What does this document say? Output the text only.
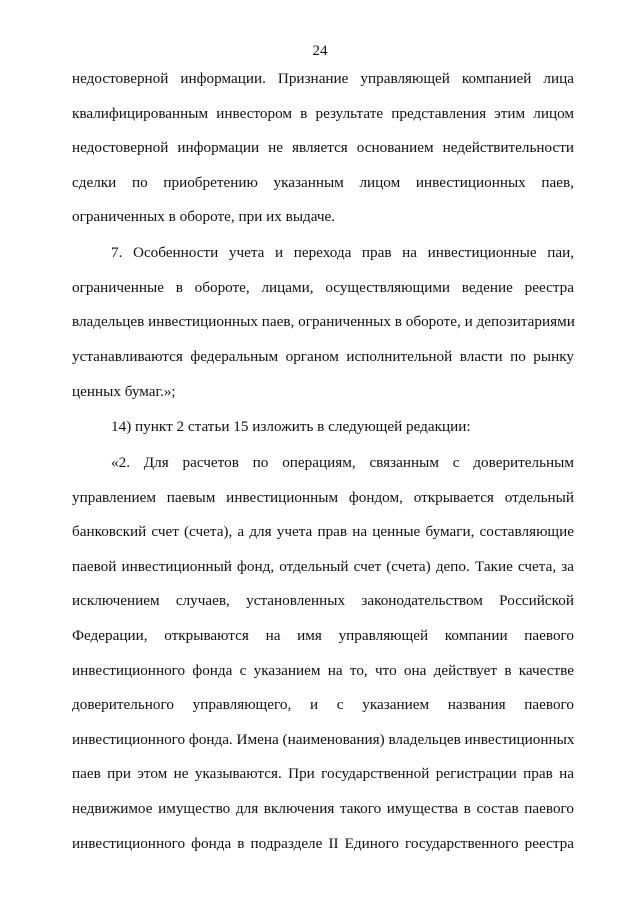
24

недостоверной информации. Признание управляющей компанией лица
квалифицированным инвестором в результате представления этим лицом
недостоверной информации не является основанием недействительности
сделки по приобретению указанным лицом инвестиционных паев,
ограниченных в обороте, при их выдаче.

7. Особенности учета и перехода прав на инвестиционные паи,
ограниченные в обороте, лицами, осуществляющими ведение реестра
владельцев инвестиционных паев, ограниченных в обороте, и депозитариями
устанавливаются федеральным органом исполнительной власти по рынку
ценных бумаг.»;

14) пункт 2 статьи 15 изложить в следующей редакции:

«2. Для расчетов по операциям, связанным с доверительным
управлением паевым инвестиционным фондом, открывается отдельный
банковский счет (счета), а для учета прав на ценные бумаги, составляющие
паевой инвестиционный фонд, отдельный счет (счета) депо. Такие счета, за
исключением случаев, установленных законодательством Российской
Федерации, открываются на имя управляющей компании паевого
инвестиционного фонда с указанием на то, что она действует в качестве
доверительного управляющего, и с указанием названия паевого
инвестиционного фонда. Имена (наименования) владельцев инвестиционных
паев при этом не указываются. При государственной регистрации прав на
недвижимое имущество для включения такого имущества в состав паевого
инвестиционного фонда в подразделе II Единого государственного реестра
